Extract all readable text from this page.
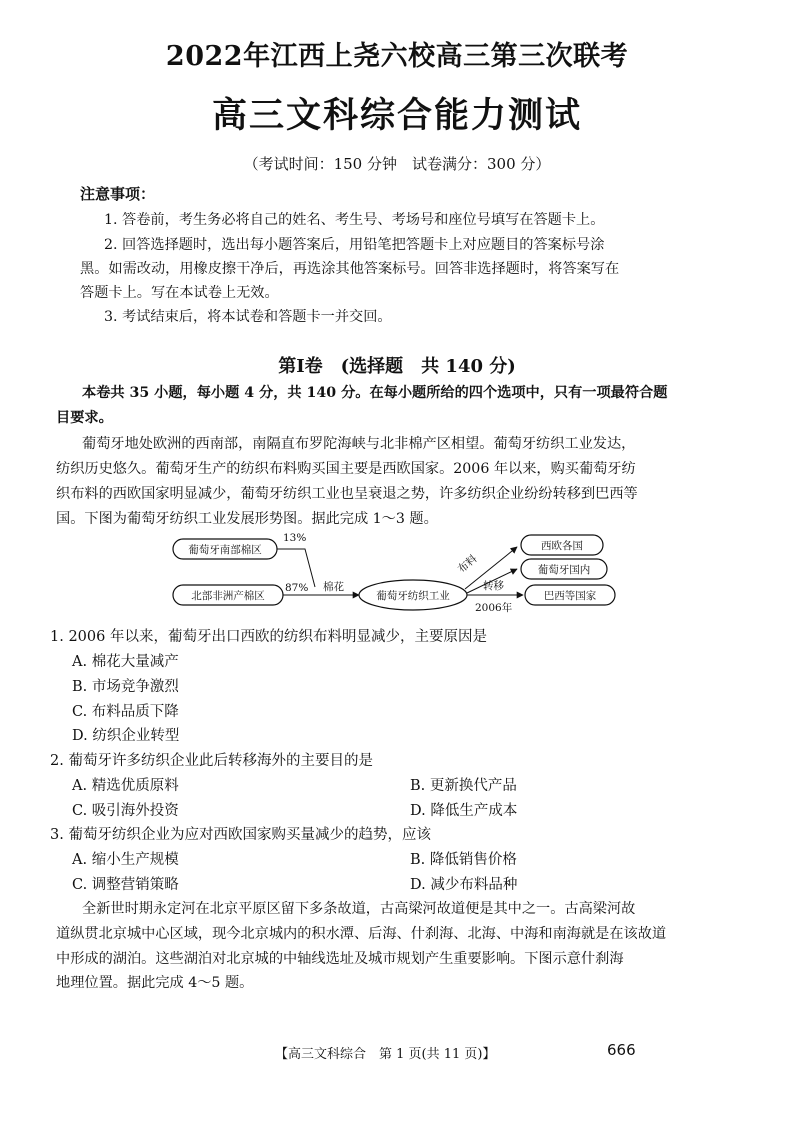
2022年江西上尧六校高三第三次联考
高三文科综合能力测试
（考试时间：150 分钟　试卷满分：300 分）
注意事项：
1. 答卷前，考生务必将自己的姓名、考生号、考场号和座位号填写在答题卡上。
2. 回答选择题时，选出每小题答案后，用铅笔把答题卡上对应题目的答案标号涂
黑。如需改动，用橡皮擦干净后，再选涂其他答案标号。回答非选择题时，将答案写在
答题卡上。写在本试卷上无效。
3. 考试结束后，将本试卷和答题卡一并交回。
第Ⅰ卷　(选择题　共 140 分)
本卷共 35 小题，每小题 4 分，共 140 分。在每小题所给的四个选项中，只有一项最符合题
目要求。
葡萄牙地处欧洲的西南部，南隔直布罗陀海峡与北非棉产区相望。葡萄牙纺织工业发达，
纺织历史悠久。葡萄牙生产的纺织布料购买国主要是西欧国家。2006 年以来，购买葡萄牙纺
织布料的西欧国家明显减少，葡萄牙纺织工业也呈衰退之势，许多纺织企业纷纷转移到巴西等
国。下图为葡萄牙纺织工业发展形势图。据此完成 1～3 题。
葡萄牙南部棉区
北部非洲产棉区
13%
87% 棉花
葡萄牙纺织工业
布料
转移
2006年
西欧各国
葡萄牙国内
巴西等国家
1. 2006 年以来，葡萄牙出口西欧的纺织布料明显减少，主要原因是
A. 棉花大量减产
B. 市场竞争激烈
C. 布料品质下降
D. 纺织企业转型
2. 葡萄牙许多纺织企业此后转移海外的主要目的是
A. 精选优质原料	B. 更新换代产品
C. 吸引海外投资	D. 降低生产成本
3. 葡萄牙纺织企业为应对西欧国家购买量减少的趋势，应该
A. 缩小生产规模	B. 降低销售价格
C. 调整营销策略	D. 减少布料品种
全新世时期永定河在北京平原区留下多条故道，古高梁河故道便是其中之一。古高梁河故
道纵贯北京城中心区域，现今北京城内的积水潭、后海、什刹海、北海、中海和南海就是在该故道
中形成的湖泊。这些湖泊对北京城的中轴线选址及城市规划产生重要影响。下图示意什刹海
地理位置。据此完成 4～5 题。
【高三文科综合　第 1 页(共 11 页)】	666
